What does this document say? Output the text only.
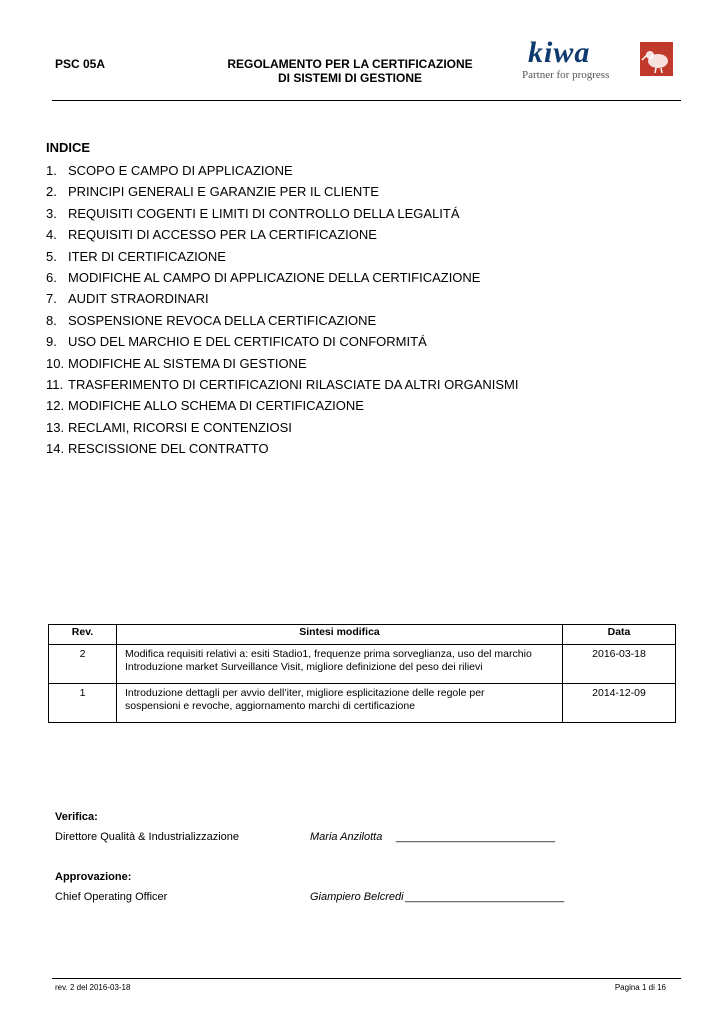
PSC 05A	REGOLAMENTO PER LA CERTIFICAZIONE
DI SISTEMI DI GESTIONE
kiwa
Partner for progress
INDICE
1. SCOPO E CAMPO DI APPLICAZIONE
2. PRINCIPI GENERALI E GARANZIE PER IL CLIENTE
3. REQUISITI COGENTI E LIMITI DI CONTROLLO DELLA LEGALITÁ
4. REQUISITI DI ACCESSO PER LA CERTIFICAZIONE
5. ITER DI CERTIFICAZIONE
6. MODIFICHE AL CAMPO DI APPLICAZIONE DELLA CERTIFICAZIONE
7. AUDIT STRAORDINARI
8. SOSPENSIONE REVOCA DELLA CERTIFICAZIONE
9. USO DEL MARCHIO E DEL CERTIFICATO DI CONFORMITÁ
10. MODIFICHE AL SISTEMA DI GESTIONE
11. TRASFERIMENTO DI CERTIFICAZIONI RILASCIATE DA ALTRI ORGANISMI
12. MODIFICHE ALLO SCHEMA DI CERTIFICAZIONE
13. RECLAMI, RICORSI E CONTENZIOSI
14. RESCISSIONE DEL CONTRATTO
Rev.	Sintesi modifica	Data
2	Modifica requisiti relativi a: esiti Stadio1, frequenze prima sorveglianza, uso del marchio
Introduzione market Surveillance Visit, migliore definizione del peso dei rilievi	2016-03-18
1	Introduzione dettagli per avvio dell’iter, migliore esplicitazione delle regole per
sospensioni e revoche, aggiornamento marchi di certificazione	2014-12-09
Verifica:
Direttore Qualità & Industrializzazione	Maria Anzilotta __________________________
Approvazione:
Chief Operating Officer	Giampiero Belcredi __________________________
rev. 2 del 2016-03-18	Pagina 1 di 16
